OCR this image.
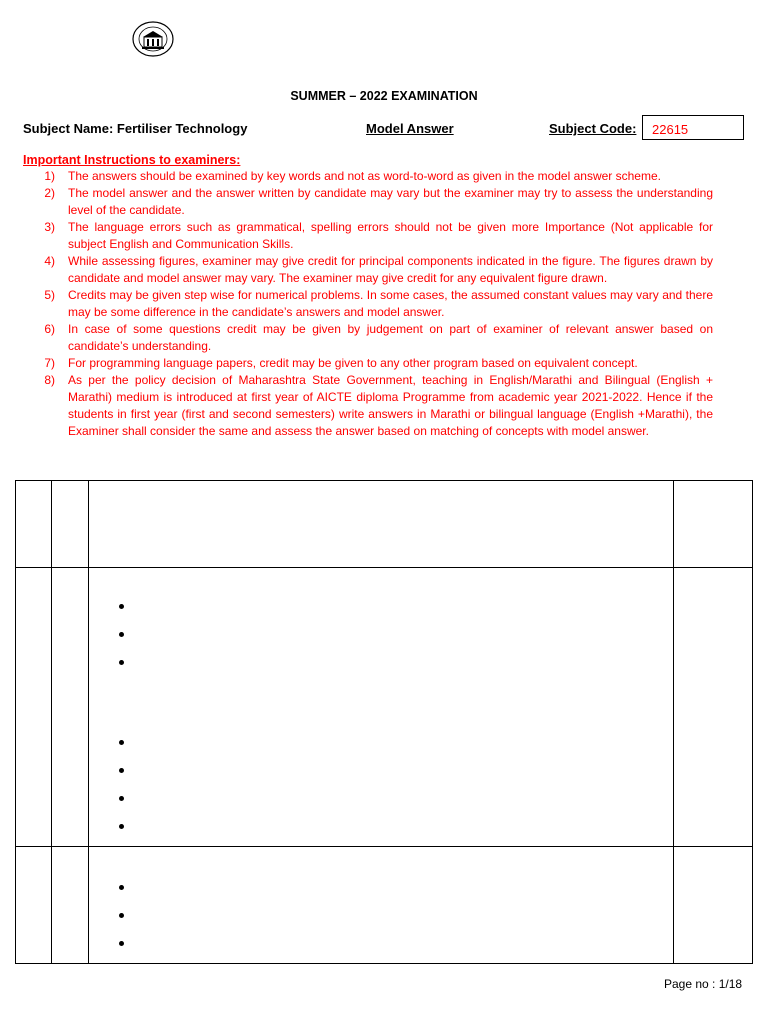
SUMMER – 2022 EXAMINATION
Subject Name: Fertiliser Technology	Model Answer	Subject Code:	22615
Important Instructions to examiners:
1) The answers should be examined by key words and not as word-to-word as given in the model answer scheme.
2) The model answer and the answer written by candidate may vary but the examiner may try to assess the understanding level of the candidate.
3) The language errors such as grammatical, spelling errors should not be given more Importance (Not applicable for subject English and Communication Skills.
4) While assessing figures, examiner may give credit for principal components indicated in the figure. The figures drawn by candidate and model answer may vary. The examiner may give credit for any equivalent figure drawn.
5) Credits may be given step wise for numerical problems. In some cases, the assumed constant values may vary and there may be some difference in the candidate’s answers and model answer.
6) In case of some questions credit may be given by judgement on part of examiner of relevant answer based on candidate’s understanding.
7) For programming language papers, credit may be given to any other program based on equivalent concept.
8) As per the policy decision of Maharashtra State Government, teaching in English/Marathi and Bilingual (English + Marathi) medium is introduced at first year of AICTE diploma Programme from academic year 2021-2022. Hence if the students in first year (first and second semesters) write answers in Marathi or bilingual language (English +Marathi), the Examiner shall consider the same and assess the answer based on matching of concepts with model answer.

Page no : 1/18
